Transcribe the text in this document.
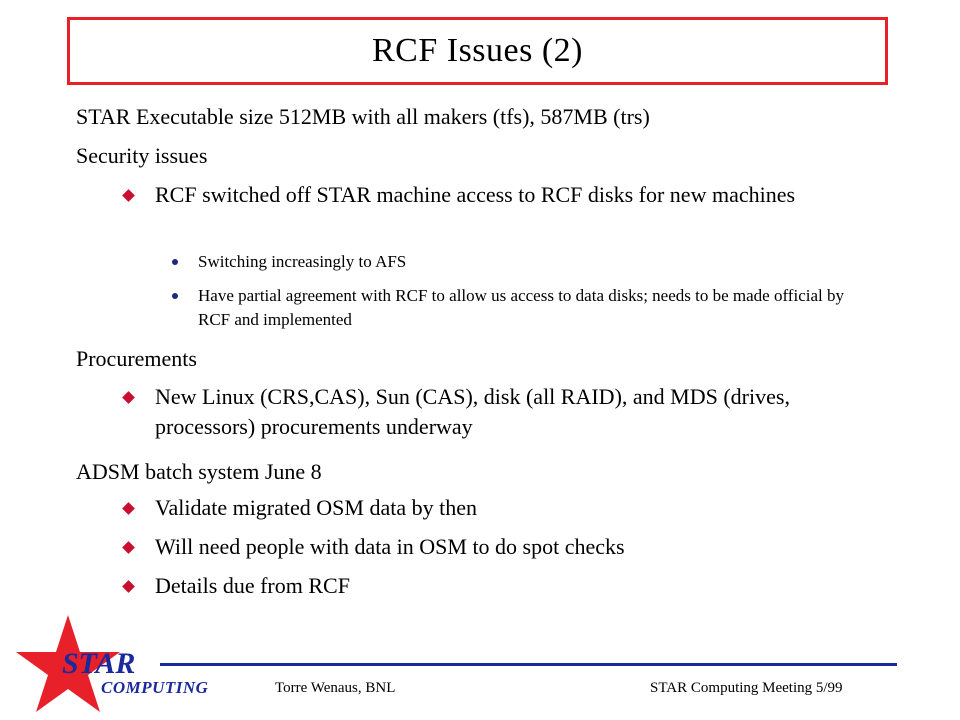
RCF Issues (2)
STAR Executable size 512MB with all makers (tfs), 587MB (trs)
Security issues
RCF switched off STAR machine access to RCF disks for new machines
Switching increasingly to AFS
Have partial agreement with RCF to allow us access to data disks; needs to be made official by RCF and implemented
Procurements
New Linux (CRS,CAS), Sun (CAS), disk (all RAID), and MDS (drives, processors) procurements underway
ADSM batch system June 8
Validate migrated OSM data by then
Will need people with data in OSM to do spot checks
Details due from RCF
STAR
COMPUTING	Torre Wenaus, BNL	STAR Computing Meeting 5/99
